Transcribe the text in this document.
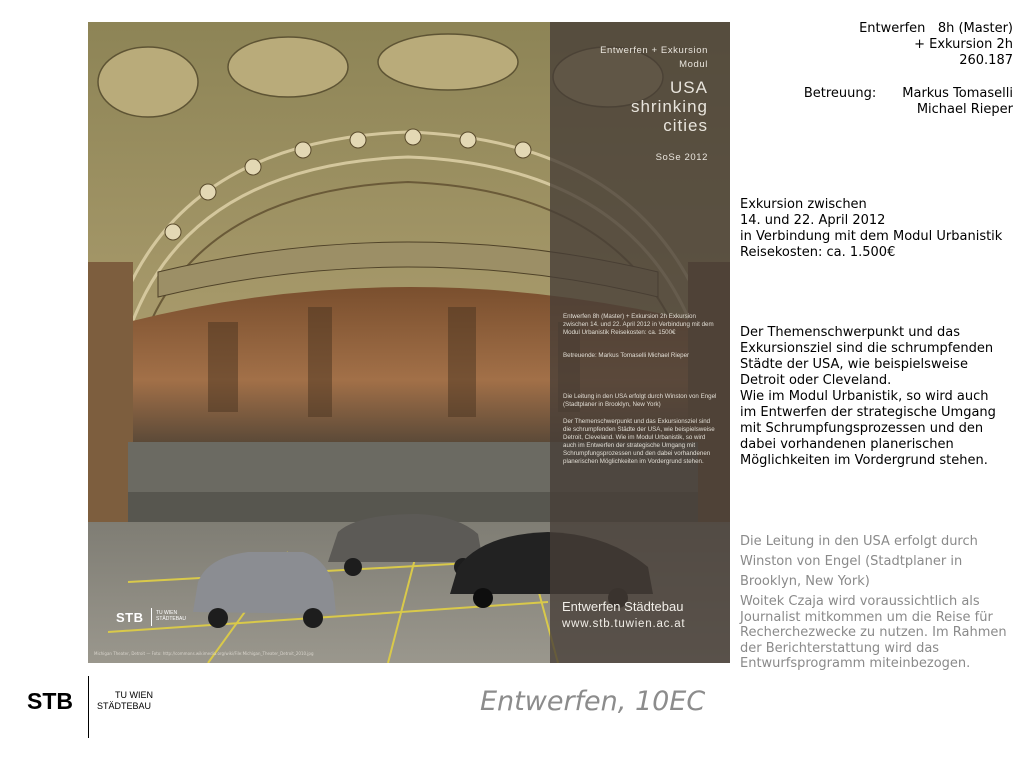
Entwerfen + Exkursion
Modul
USA
shrinking
cities
SoSe 2012
Entwerfen 8h (Master) + Exkursion 2h Exkursion zwischen 14. und 22. April 2012 in Verbindung mit dem Modul Urbanistik Reisekosten: ca. 1500€
Betreuende: Markus Tomaselli Michael Rieper
Die Leitung in den USA erfolgt durch Winston von Engel (Stadtplaner in Brooklyn, New York)
Der Themenschwerpunkt und das Exkursionsziel sind die schrumpfenden Städte der USA, wie beispielsweise Detroit, Cleveland. Wie im Modul Urbanistik, so wird auch im Entwerfen der strategische Umgang mit Schrumpfungsprozessen und den dabei vorhandenen planerischen Möglichkeiten im Vordergrund stehen.
Entwerfen Städtebau
www.stb.tuwien.ac.at
STB	TU WIEN
STÄDTEBAU
Michigan Theater, Detroit — Foto: http://commons.wikimedia.org/wiki/File:Michigan_Theater_Detroit_2010.jpg
Entwerfen   8h (Master)
+ Exkursion 2h
260.187
Betreuung: Markus Tomaselli
Michael Rieper
Exkursion zwischen
14. und 22. April 2012
in Verbindung mit dem Modul Urbanistik
Reisekosten: ca. 1.500€
Der Themenschwerpunkt und das
Exkursionsziel sind die schrumpfenden
Städte der USA, wie beispielsweise
Detroit oder Cleveland.
Wie im Modul Urbanistik, so wird auch
im Entwerfen der strategische Umgang
mit Schrumpfungsprozessen und den
dabei vorhandenen planerischen
Möglichkeiten im Vordergrund stehen.
Die Leitung in den USA erfolgt durch
Winston von Engel (Stadtplaner in
Brooklyn, New York)
Woitek Czaja wird voraussichtlich als
Journalist mitkommen um die Reise für
Recherchezwecke zu nutzen. Im Rahmen
der Berichterstattung wird das
Entwurfsprogramm miteinbezogen.
STB	TU WIEN
STÄDTEBAU	Entwerfen, 10EC
